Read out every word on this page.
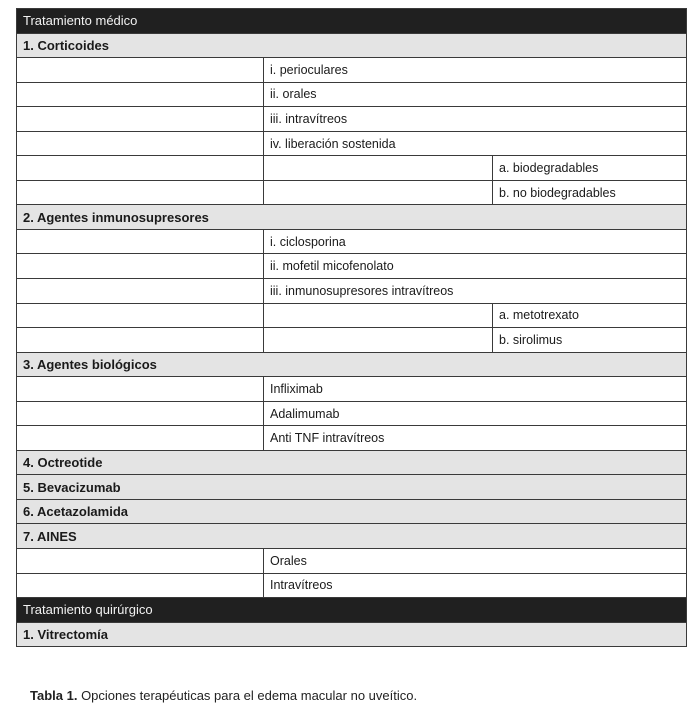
Tratamiento médico		
1. Corticoides		
	i. perioculares	
	ii. orales	
	iii. intravítreos	
	iv. liberación sostenida	
		a. biodegradables
		b. no biodegradables
2. Agentes inmunosupresores		
	i. ciclosporina	
	ii. mofetil micofenolato	
	iii. inmunosupresores intravítreos	
		a. metotrexato
		b. sirolimus
3. Agentes biológicos		
	Infliximab	
	Adalimumab	
	Anti TNF intravítreos	
4. Octreotide		
5. Bevacizumab		
6. Acetazolamida		
7. AINES		
	Orales	
	Intravítreos	
Tratamiento quirúrgico		
1. Vitrectomía		
Tabla 1. Opciones terapéuticas para el edema macular no uveítico.
